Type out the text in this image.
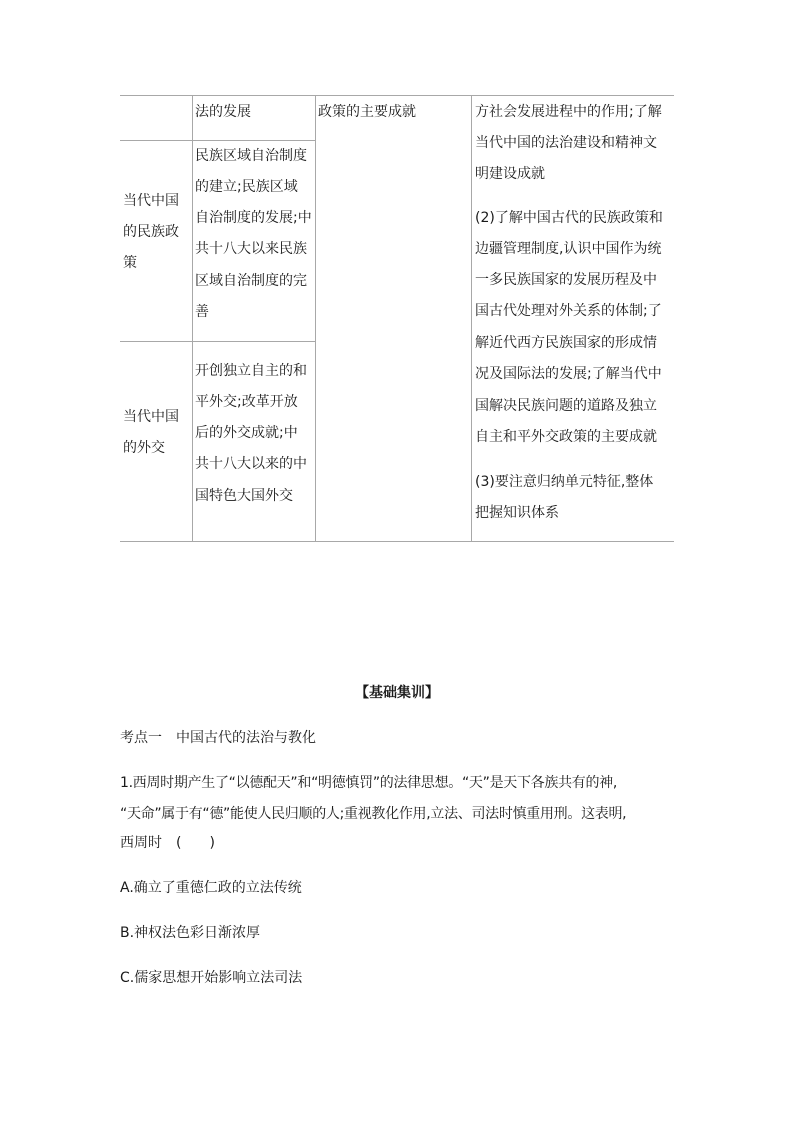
法的发展	政策的主要成就	方社会发展进程中的作用;了解
当代中国的法治建设和精神文
明建设成就
(2)了解中国古代的民族政策和
边疆管理制度,认识中国作为统
一多民族国家的发展历程及中
国古代处理对外关系的体制;了
解近代西方民族国家的形成情
况及国际法的发展;了解当代中
国解决民族问题的道路及独立
自主和平外交政策的主要成就
(3)要注意归纳单元特征,整体
把握知识体系
当代中国
的民族政
策
民族区域自治制度
的建立;民族区域
自治制度的发展;中
共十八大以来民族
区域自治制度的完
善
当代中国
的外交
开创独立自主的和
平外交;改革开放
后的外交成就;中
共十八大以来的中
国特色大国外交
【基础集训】
考点一　中国古代的法治与教化
1.西周时期产生了“以德配天”和“明德慎罚”的法律思想。“天”是天下各族共有的神,
“天命”属于有“德”能使人民归顺的人;重视教化作用,立法、司法时慎重用刑。这表明,
西周时　(　　)
A.确立了重德仁政的立法传统
B.神权法色彩日渐浓厚
C.儒家思想开始影响立法司法
